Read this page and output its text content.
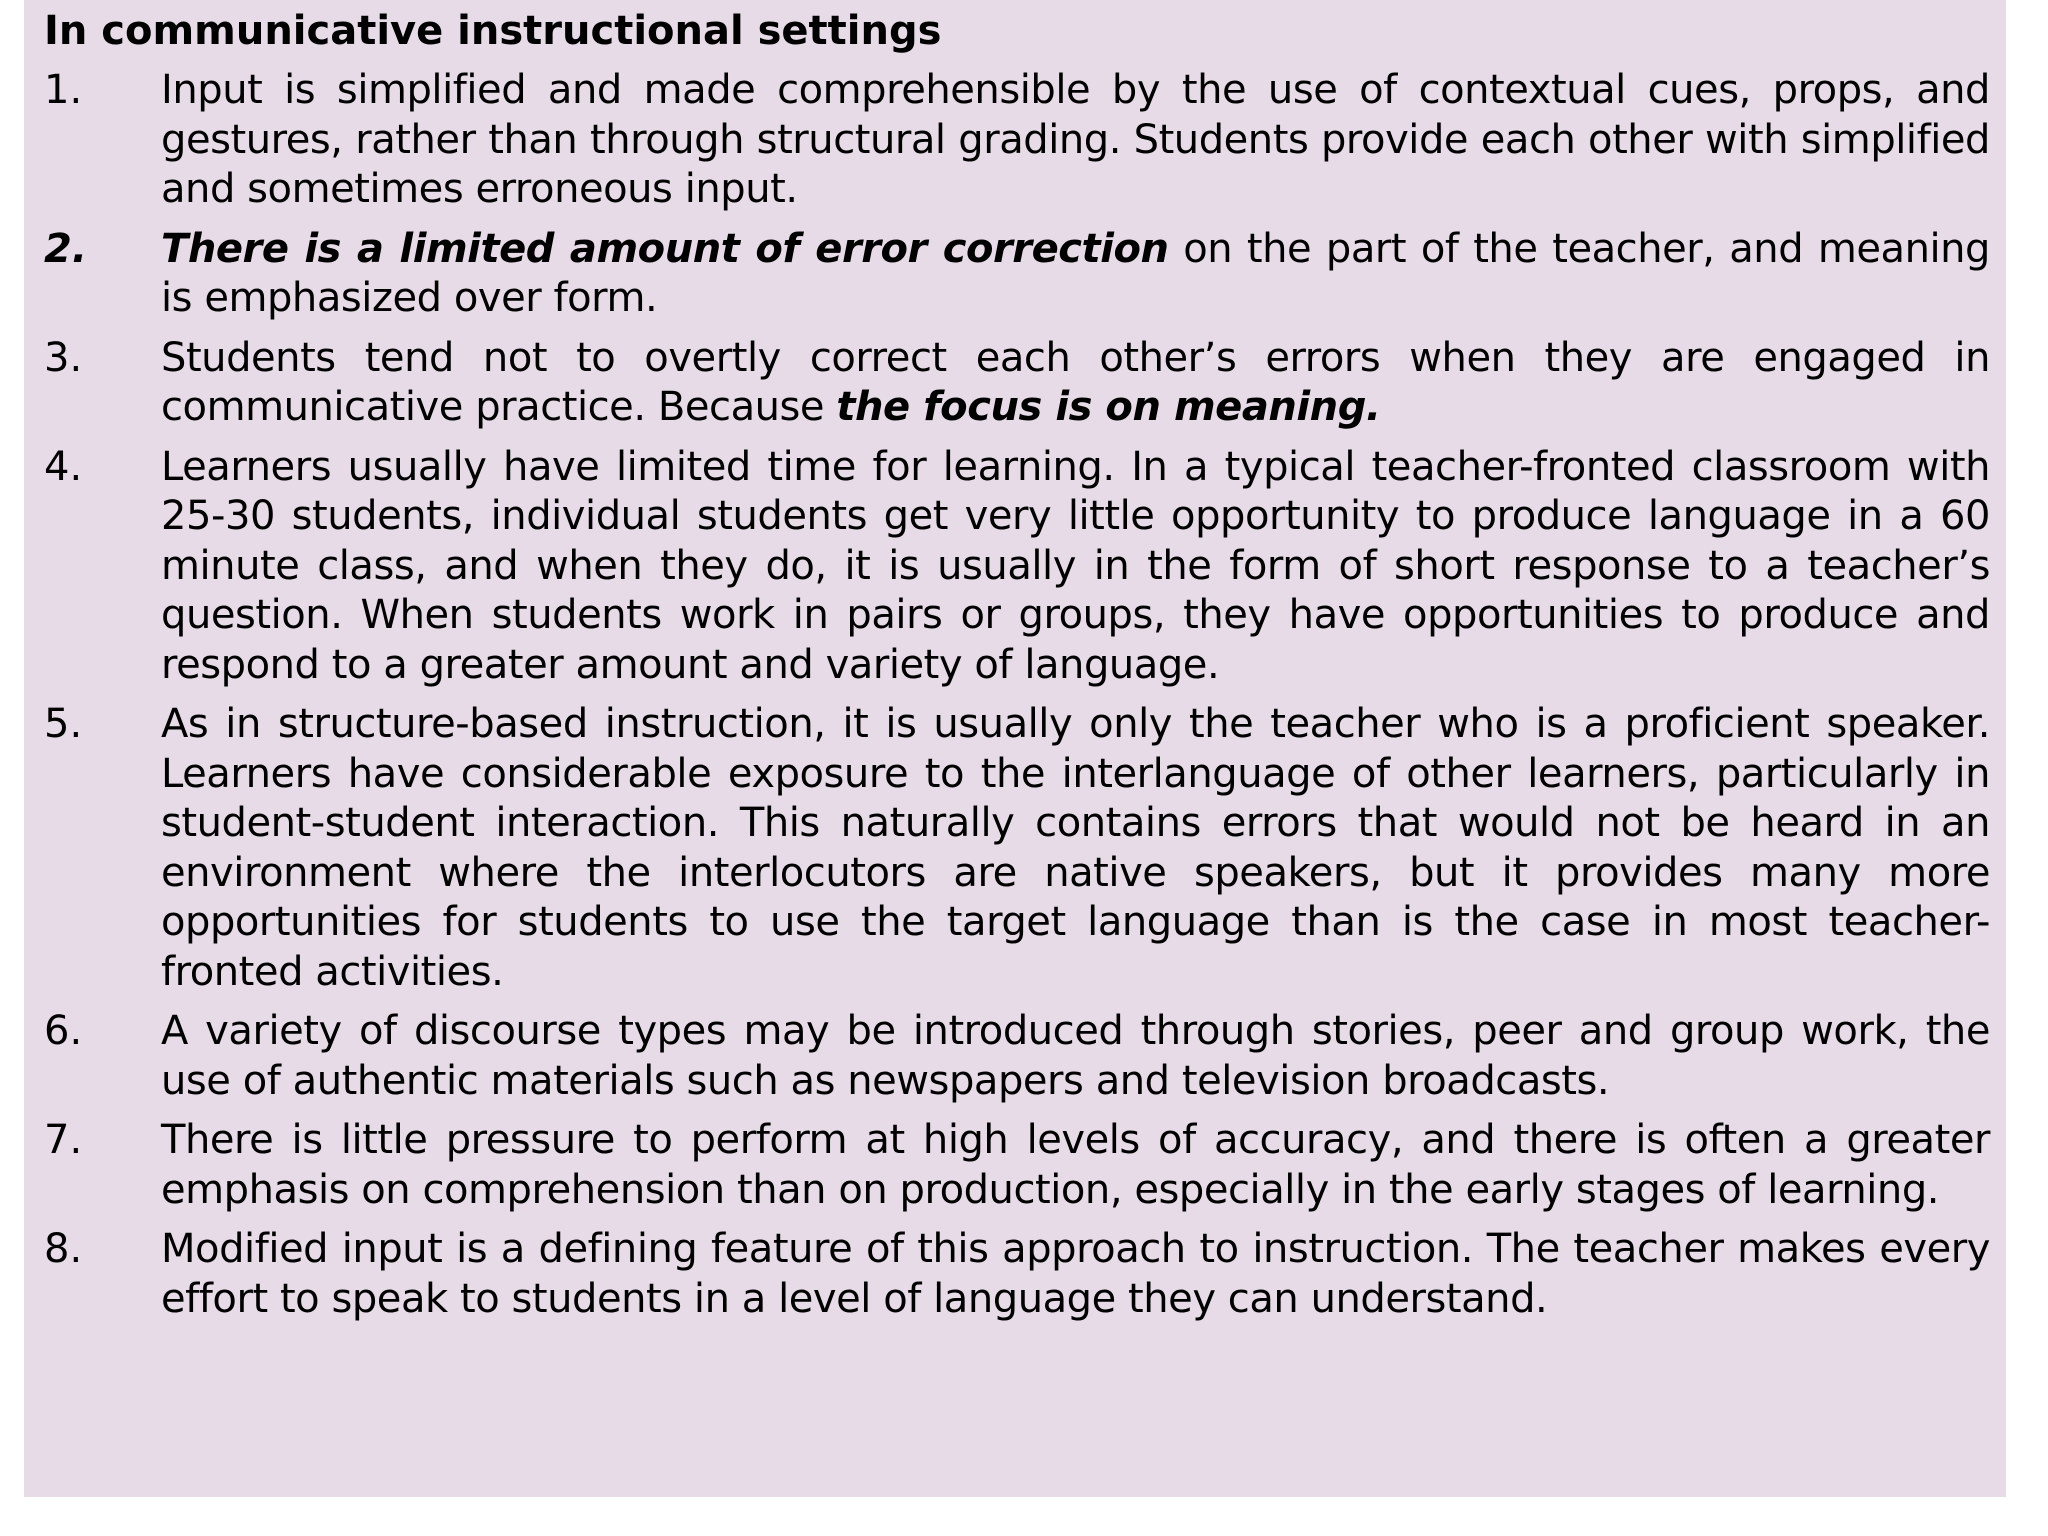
In communicative instructional settings
1.	Input is simplified and made comprehensible by the use of contextual cues, props, and gestures, rather than through structural grading. Students provide each other with simplified and sometimes erroneous input.
2.	There is a limited amount of error correction on the part of the teacher, and meaning is emphasized over form.
3.	Students tend not to overtly correct each other’s errors when they are engaged in communicative practice. Because the focus is on meaning.
4.	Learners usually have limited time for learning. In a typical teacher-fronted classroom with 25-30 students, individual students get very little opportunity to produce language in a 60 minute class, and when they do, it is usually in the form of short response to a teacher’s question. When students work in pairs or groups, they have opportunities to produce and respond to a greater amount and variety of language.
5.	As in structure-based instruction, it is usually only the teacher who is a proficient speaker. Learners have considerable exposure to the interlanguage of other learners, particularly in student-student interaction. This naturally contains errors that would not be heard in an environment where the interlocutors are native speakers, but it provides many more opportunities for students to use the target language than is the case in most teacher-fronted activities.
6.	A variety of discourse types may be introduced through stories, peer and group work, the use of authentic materials such as newspapers and television broadcasts.
7.	There is little pressure to perform at high levels of accuracy, and there is often a greater emphasis on comprehension than on production, especially in the early stages of learning.
8.	Modified input is a defining feature of this approach to instruction. The teacher makes every effort to speak to students in a level of language they can understand.
